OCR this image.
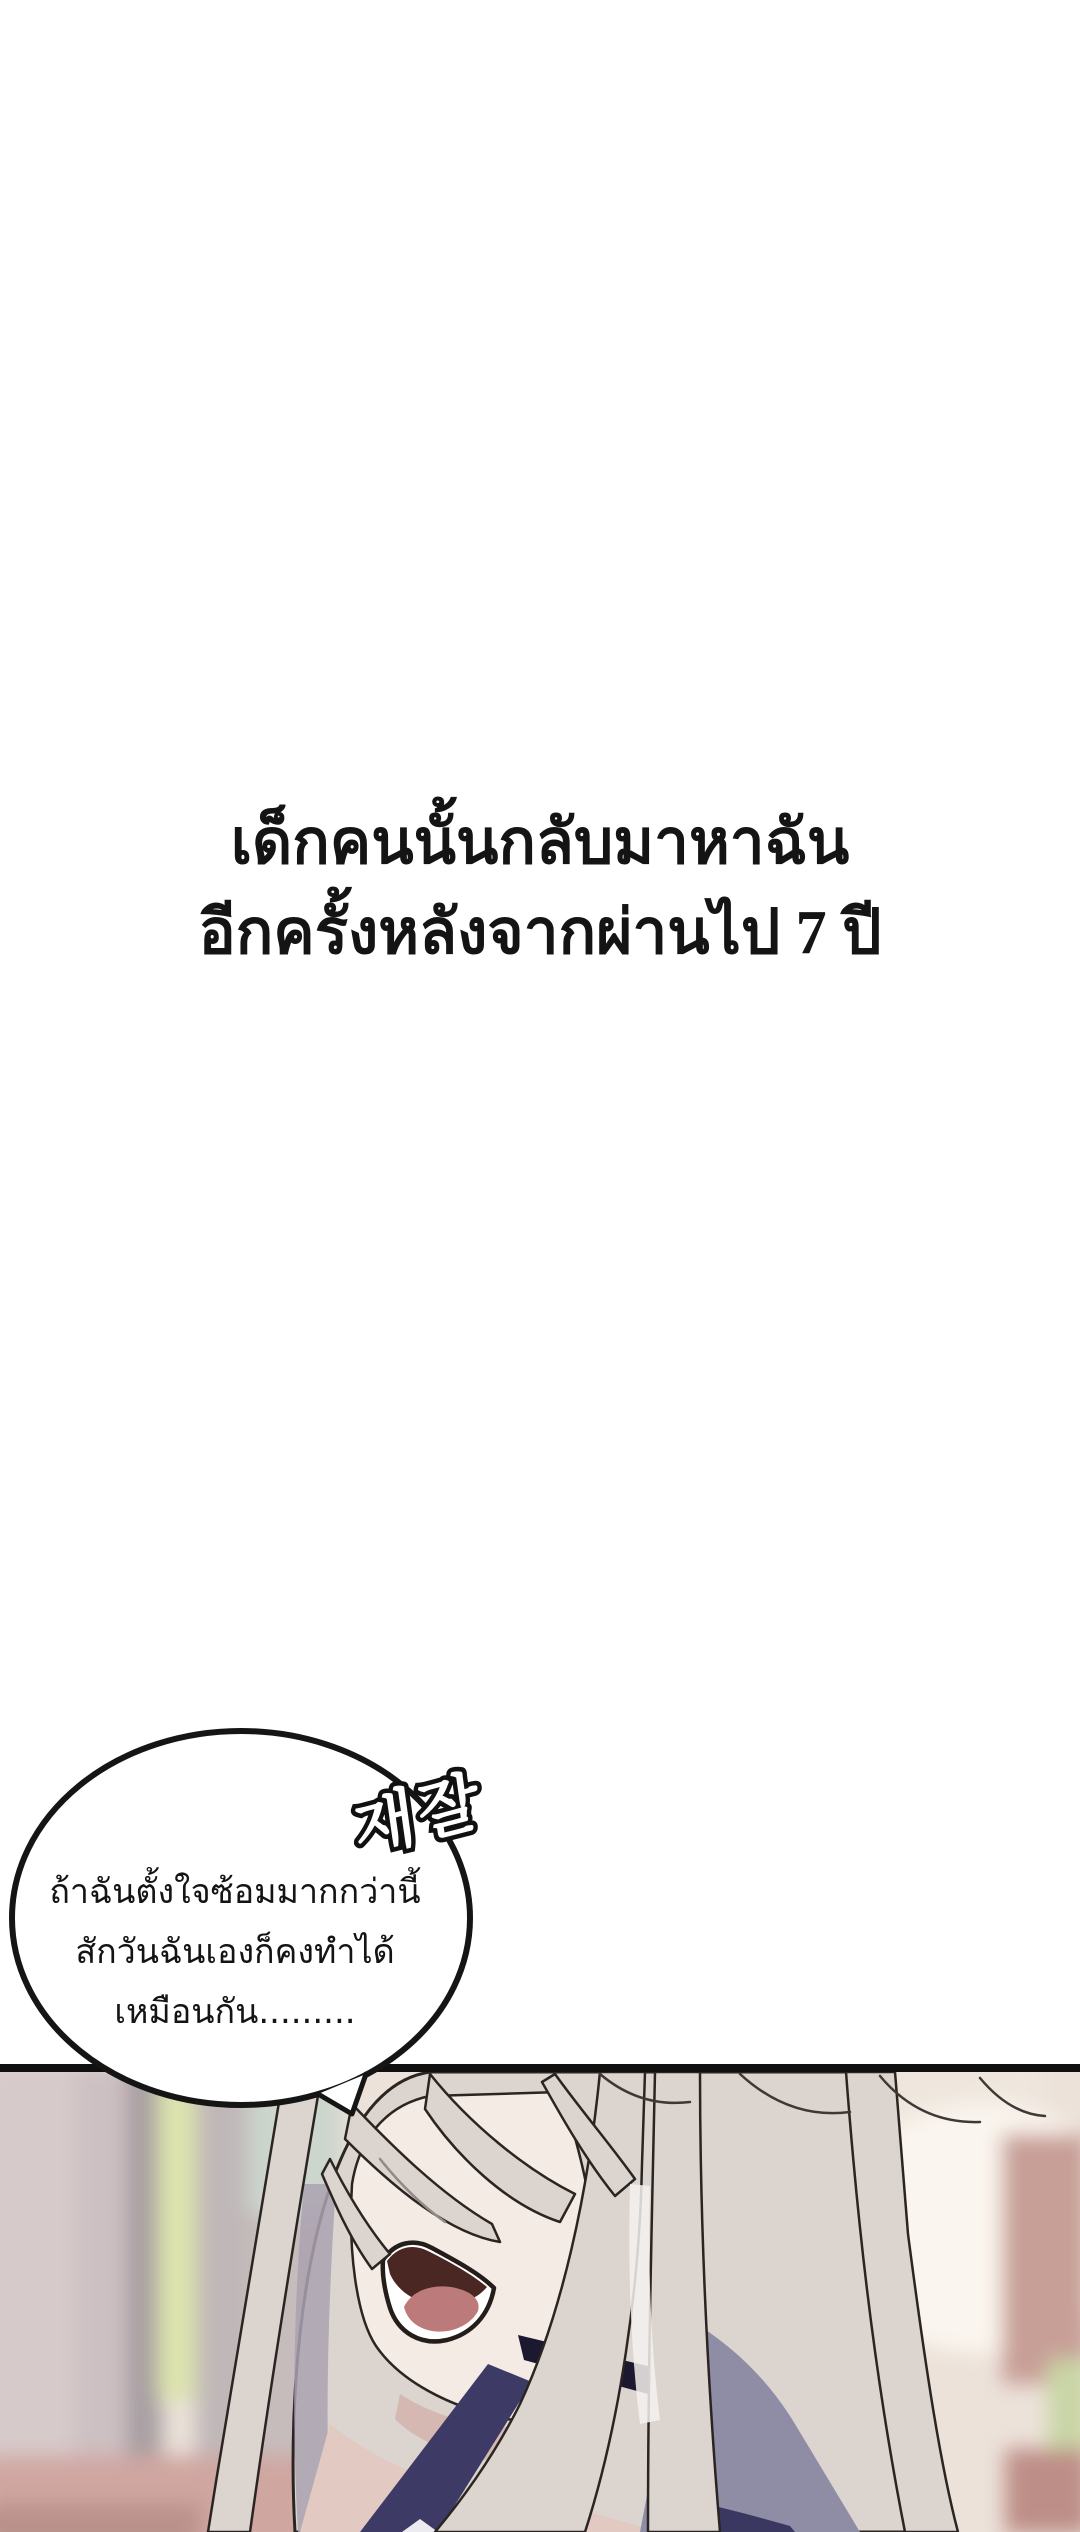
เด็กคนนั้นกลับมาหาฉัน
อีกครั้งหลังจากผ่านไป 7 ปี
ถ้าฉันตั้งใจซ้อมมากกว่านี้
สักวันฉันเองก็คงทำได้
เหมือนกัน.........
재잘
